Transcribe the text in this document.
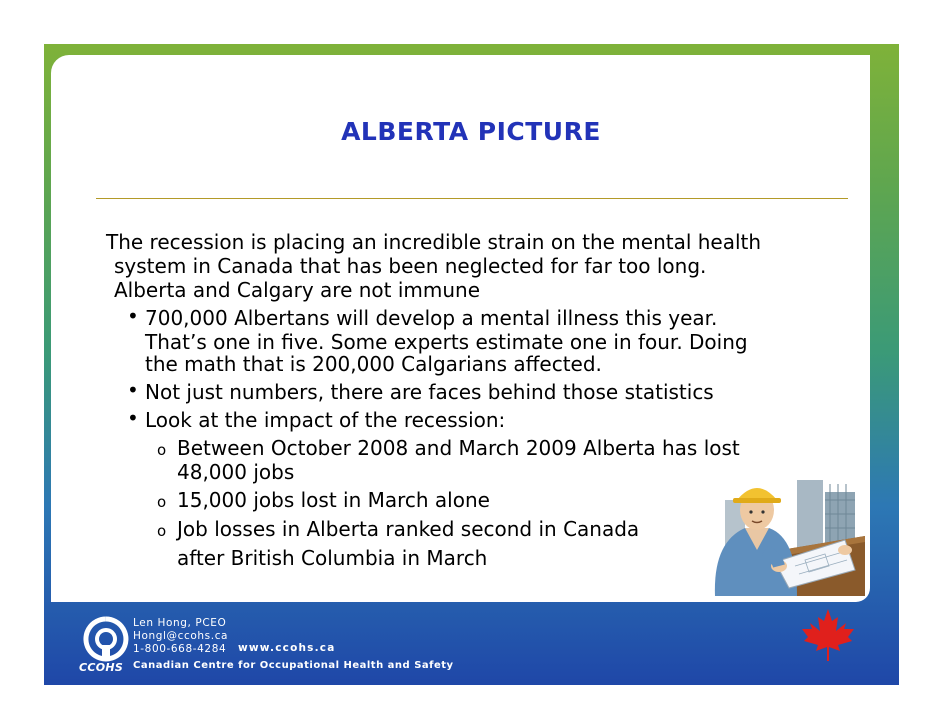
ALBERTA PICTURE
The recession is placing an incredible strain on the mental health
system in Canada that has been neglected for far too long.
Alberta and Calgary are not immune
• 700,000 Albertans will develop a mental illness this year.
That’s one in five. Some experts estimate one in four. Doing
the math that is 200,000 Calgarians affected.
• Not just numbers, there are faces behind those statistics
• Look at the impact of the recession:
o Between October 2008 and March 2009 Alberta has lost
48,000 jobs
o 15,000 jobs lost in March alone
o Job losses in Alberta ranked second in Canada
after British Columbia in March
CCOHS
Len Hong, PCEO
Hongl@ccohs.ca
1-800-668-4284 www.ccohs.ca
Canadian Centre for Occupational Health and Safety
